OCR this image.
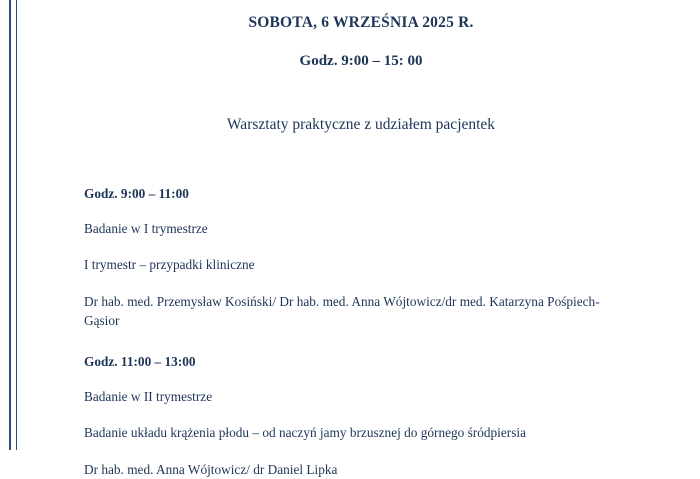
SOBOTA, 6 WRZEŚNIA 2025 R.
Godz. 9:00 – 15: 00
Warsztaty praktyczne z udziałem pacjentek
Godz. 9:00 – 11:00
Badanie w I trymestrze
I trymestr – przypadki kliniczne
Dr hab. med. Przemysław Kosiński/ Dr hab. med. Anna Wójtowicz/dr med. Katarzyna Pośpiech-Gąsior
Godz. 11:00 – 13:00
Badanie w II trymestrze
Badanie układu krążenia płodu – od naczyń jamy brzusznej do górnego śródpiersia
Dr hab. med. Anna Wójtowicz/ dr Daniel Lipka
